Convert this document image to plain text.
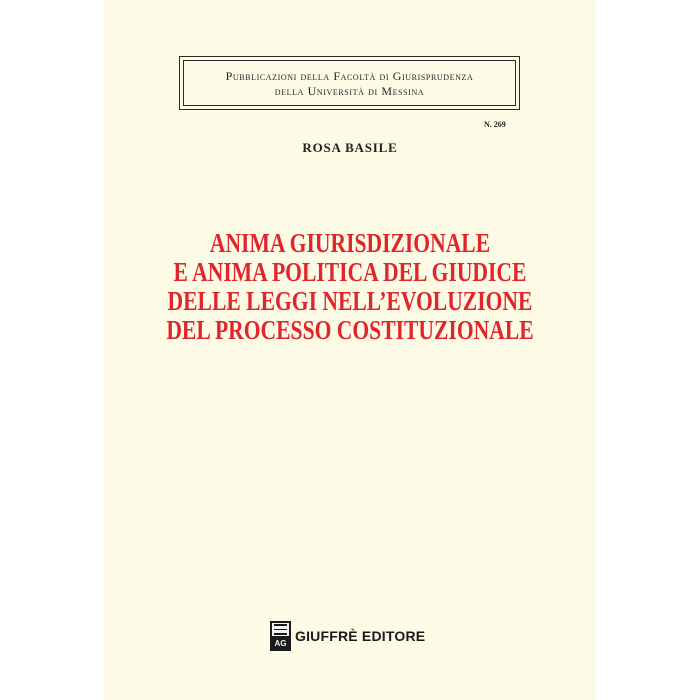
Pubblicazioni della Facoltà di Giurisprudenza
della Università di Messina
N. 269
ROSA BASILE
ANIMA GIURISDIZIONALE
E ANIMA POLITICA DEL GIUDICE
DELLE LEGGI NELL’EVOLUZIONE
DEL PROCESSO COSTITUZIONALE
AG GIUFFRÈ EDITORE
